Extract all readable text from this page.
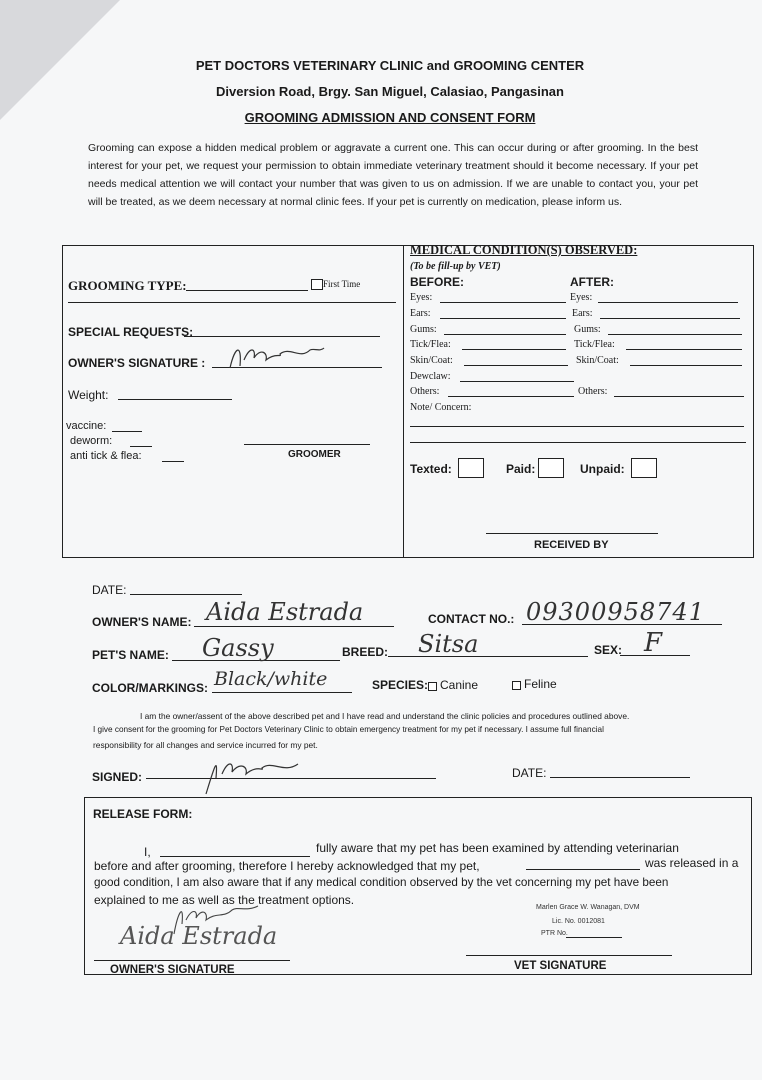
PET DOCTORS VETERINARY CLINIC and GROOMING CENTER
Diversion Road, Brgy. San Miguel, Calasiao, Pangasinan
GROOMING ADMISSION AND CONSENT FORM
Grooming can expose a hidden medical problem or aggravate a current one. This can occur during or after grooming. In the best interest for your pet, we request your permission to obtain immediate veterinary treatment should it become necessary. If your pet needs medical attention we will contact your number that was given to us on admission. If we are unable to contact you, your pet will be treated, as we deem necessary at normal clinic fees. If your pet is currently on medication, please inform us.
GROOMING TYPE:	First Time
SPECIAL REQUESTS:
OWNER'S SIGNATURE :
Weight:
vaccine:
deworm:
anti tick & flea:	GROOMER
MEDICAL CONDITION(S) OBSERVED:
(To be fill-up by VET)
BEFORE:	AFTER:
Eyes:	Eyes:
Ears:	Ears:
Gums:	Gums:
Tick/Flea:	Tick/Flea:
Skin/Coat:	Skin/Coat:
Dewclaw:
Others:	Others:
Note/ Concern:
Texted:	Paid:	Unpaid:
RECEIVED BY
DATE:
OWNER'S NAME: Aida Estrada	CONTACT NO.: 09300958741
PET'S NAME: Gassy	BREED: Sitsa	SEX: F
COLOR/MARKINGS: Black/white	SPECIES: Canine	Feline
I am the owner/assent of the above described pet and I have read and understand the clinic policies and procedures outlined above.
I give consent for the grooming for Pet Doctors Veterinary Clinic to obtain emergency treatment for my pet if necessary. I assume full financial
responsibility for all changes and service incurred for my pet.
SIGNED:	DATE:
RELEASE FORM:
I,	fully aware that my pet has been examined by attending veterinarian
before and after grooming, therefore I hereby acknowledged that my pet,	was released in a
good condition, I am also aware that if any medical condition observed by the vet concerning my pet have been
explained to me as well as the treatment options.
Aida Estrada
OWNER'S SIGNATURE
Marlen Grace W. Wanagan, DVM
Lic. No. 0012081
PTR No.
VET SIGNATURE
